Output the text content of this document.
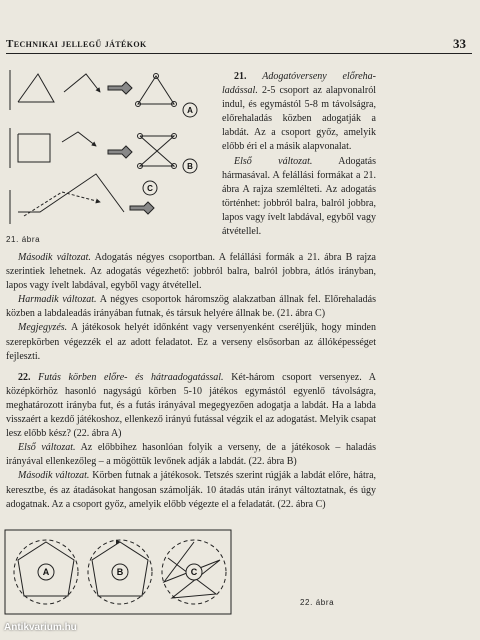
Technikai jellegű játékok	33
A
B
C
21. ábra

21. Adogatóverseny előreha-ladással. 2-5 csoport az alapvonalról indul, és egymástól 5-8 m távolságra, előrehaladás közben adogatják a labdát. Az a csoport győz, amelyik előbb éri el a másik alapvonalat.

Első változat.	Adogatás hármasával. A felállási formákat a 21. ábra A rajza szemlélteti. Az adogatás történhet: jobbról balra, balról jobbra, lapos vagy ívelt labdával, egyből vagy átvétellel.

Második változat. Adogatás négyes csoportban. A felállási formák a 21. ábra B rajza szerintiek lehetnek. Az adogatás végezhető: jobbról balra, balról jobbra, átlós irányban, lapos vagy ívelt labdával, egyből vagy átvétellel.

Harmadik változat. A négyes csoportok háromszög alakzatban állnak fel. Előrehaladás közben a labdaleadás irányában futnak, és társuk helyére állnak be. (21. ábra C)

Megjegyzés. A játékosok helyét időnként vagy versenyenként cseréljük, hogy minden szerepkörben végezzék el az adott feladatot. Ez a verseny elsősorban az állóképességet fejleszti.

22. Futás körben előre- és hátraadogatással. Két-három csoport versenyez. A középkörhöz hasonló nagyságú körben 5-10 játékos egymástól egyenlő távolságra, meghatározott irányba fut, és a futás irányával megegyezően adogatja a labdát. Ha a labda visszaért a kezdő játékoshoz, ellenkező irányú futással végzik el az adogatást. Melyik csapat lesz előbb kész? (22. ábra A)

Első változat. Az előbbihez hasonlóan folyik a verseny, de a játékosok – haladás irányával ellenkezőleg – a mögöttük levőnek adják a labdát. (22. ábra B)

Második változat. Körben futnak a játékosok. Tetszés szerint rúgják a labdát előre, hátra, keresztbe, és az átadásokat hangosan számolják. 10 átadás után irányt változtatnak, és úgy adogatnak. Az a csoport győz, amelyik előbb végezte el a feladatát. (22. ábra C)

A	B	C
22. ábra
Antikvarium.hu
